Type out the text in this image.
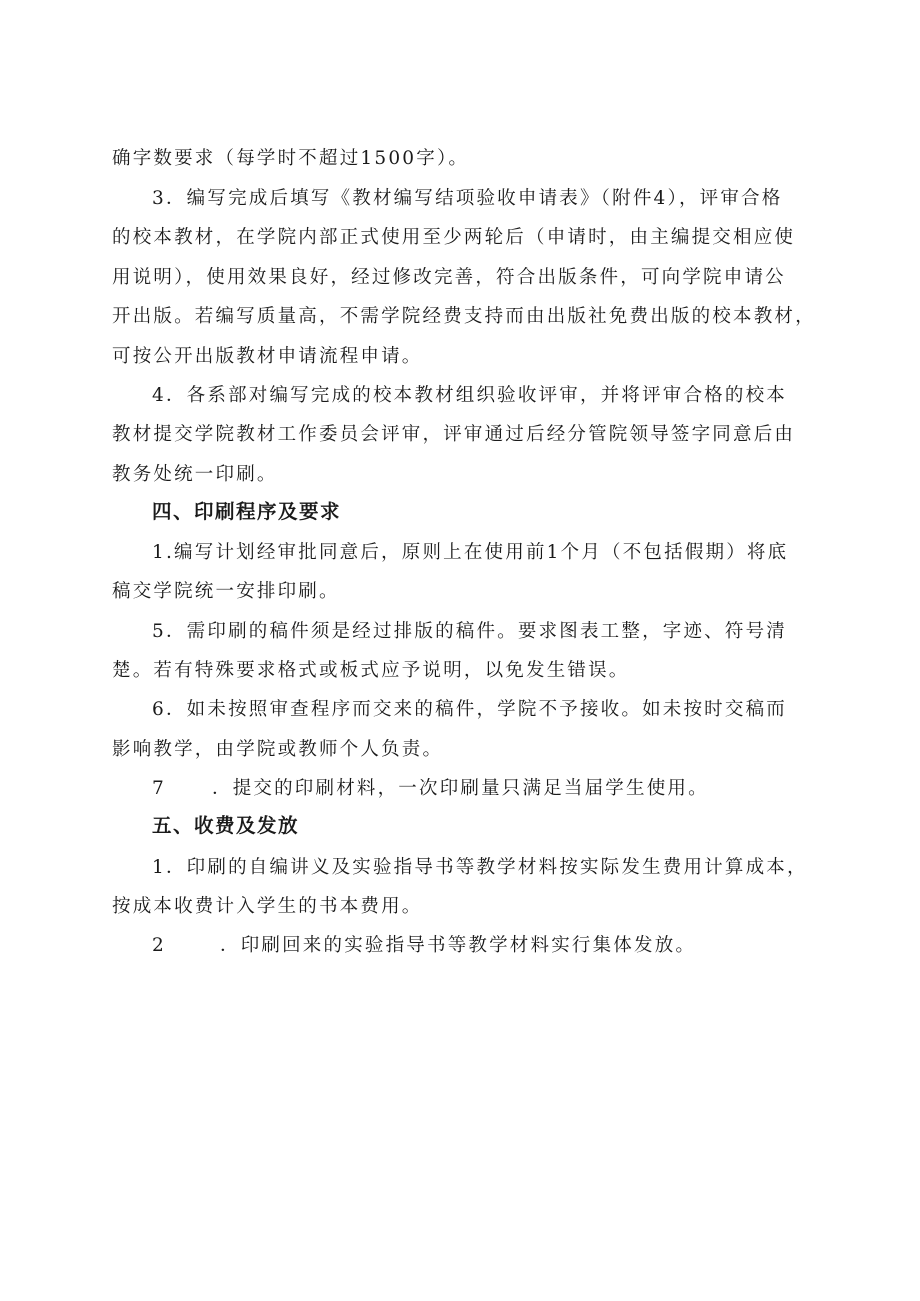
确字数要求（每学时不超过1500字）。
3．编写完成后填写《教材编写结项验收申请表》（附件4），评审合格
的校本教材，在学院内部正式使用至少两轮后（申请时，由主编提交相应使
用说明），使用效果良好，经过修改完善，符合出版条件，可向学院申请公
开出版。若编写质量高，不需学院经费支持而由出版社免费出版的校本教材，
可按公开出版教材申请流程申请。
4．各系部对编写完成的校本教材组织验收评审，并将评审合格的校本
教材提交学院教材工作委员会评审，评审通过后经分管院领导签字同意后由
教务处统一印刷。
四、印刷程序及要求
1.编写计划经审批同意后，原则上在使用前1个月（不包括假期）将底
稿交学院统一安排印刷。
5．需印刷的稿件须是经过排版的稿件。要求图表工整，字迹、符号清
楚。若有特殊要求格式或板式应予说明，以免发生错误。
6．如未按照审查程序而交来的稿件，学院不予接收。如未按时交稿而
影响教学，由学院或教师个人负责。
7 ．提交的印刷材料，一次印刷量只满足当届学生使用。
五、收费及发放
1．印刷的自编讲义及实验指导书等教学材料按实际发生费用计算成本，
按成本收费计入学生的书本费用。
2	．印刷回来的实验指导书等教学材料实行集体发放。
